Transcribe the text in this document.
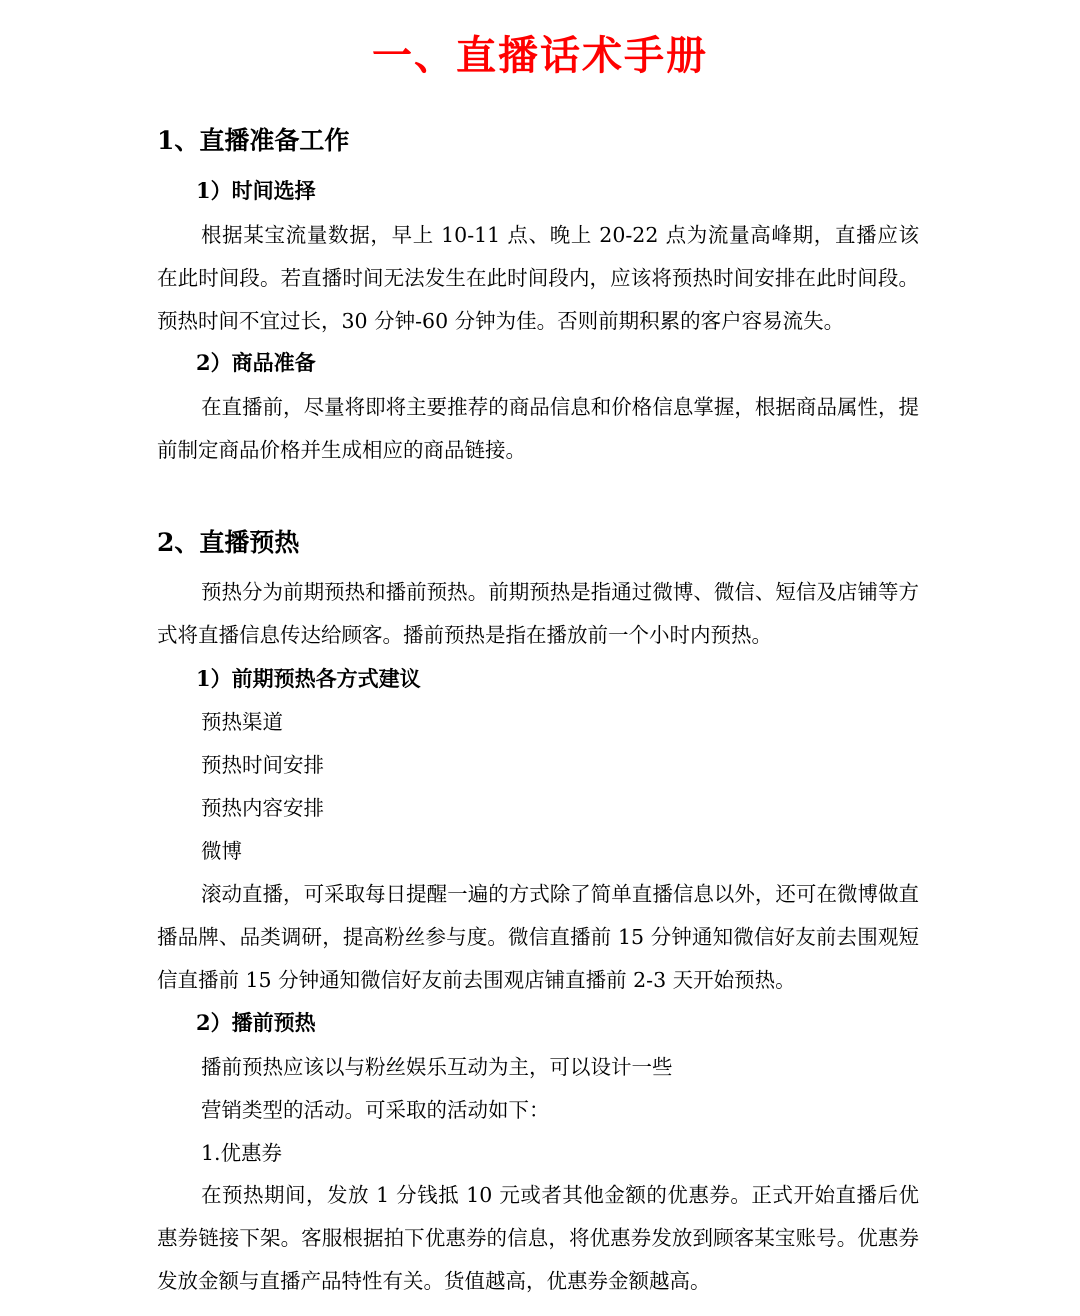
一、直播话术手册
1、直播准备工作
1）时间选择

根据某宝流量数据，早上 10-11 点、晚上 20-22 点为流量高峰期，直播应该在此时间段。若直播时间无法发生在此时间段内，应该将预热时间安排在此时间段。预热时间不宜过长，30 分钟-60 分钟为佳。否则前期积累的客户容易流失。

2）商品准备

在直播前，尽量将即将主要推荐的商品信息和价格信息掌握，根据商品属性，提前制定商品价格并生成相应的商品链接。

2、直播预热

预热分为前期预热和播前预热。前期预热是指通过微博、微信、短信及店铺等方式将直播信息传达给顾客。播前预热是指在播放前一个小时内预热。

1）前期预热各方式建议
预热渠道
预热时间安排
预热内容安排
微博

滚动直播，可采取每日提醒一遍的方式除了简单直播信息以外，还可在微博做直播品牌、品类调研，提高粉丝参与度。微信直播前 15 分钟通知微信好友前去围观短信直播前 15 分钟通知微信好友前去围观店铺直播前 2-3 天开始预热。

2）播前预热
播前预热应该以与粉丝娱乐互动为主，可以设计一些
营销类型的活动。可采取的活动如下：
1.优惠券

在预热期间，发放 1 分钱抵 10 元或者其他金额的优惠券。正式开始直播后优惠券链接下架。客服根据拍下优惠券的信息，将优惠券发放到顾客某宝账号。优惠券发放金额与直播产品特性有关。货值越高，优惠券金额越高。
